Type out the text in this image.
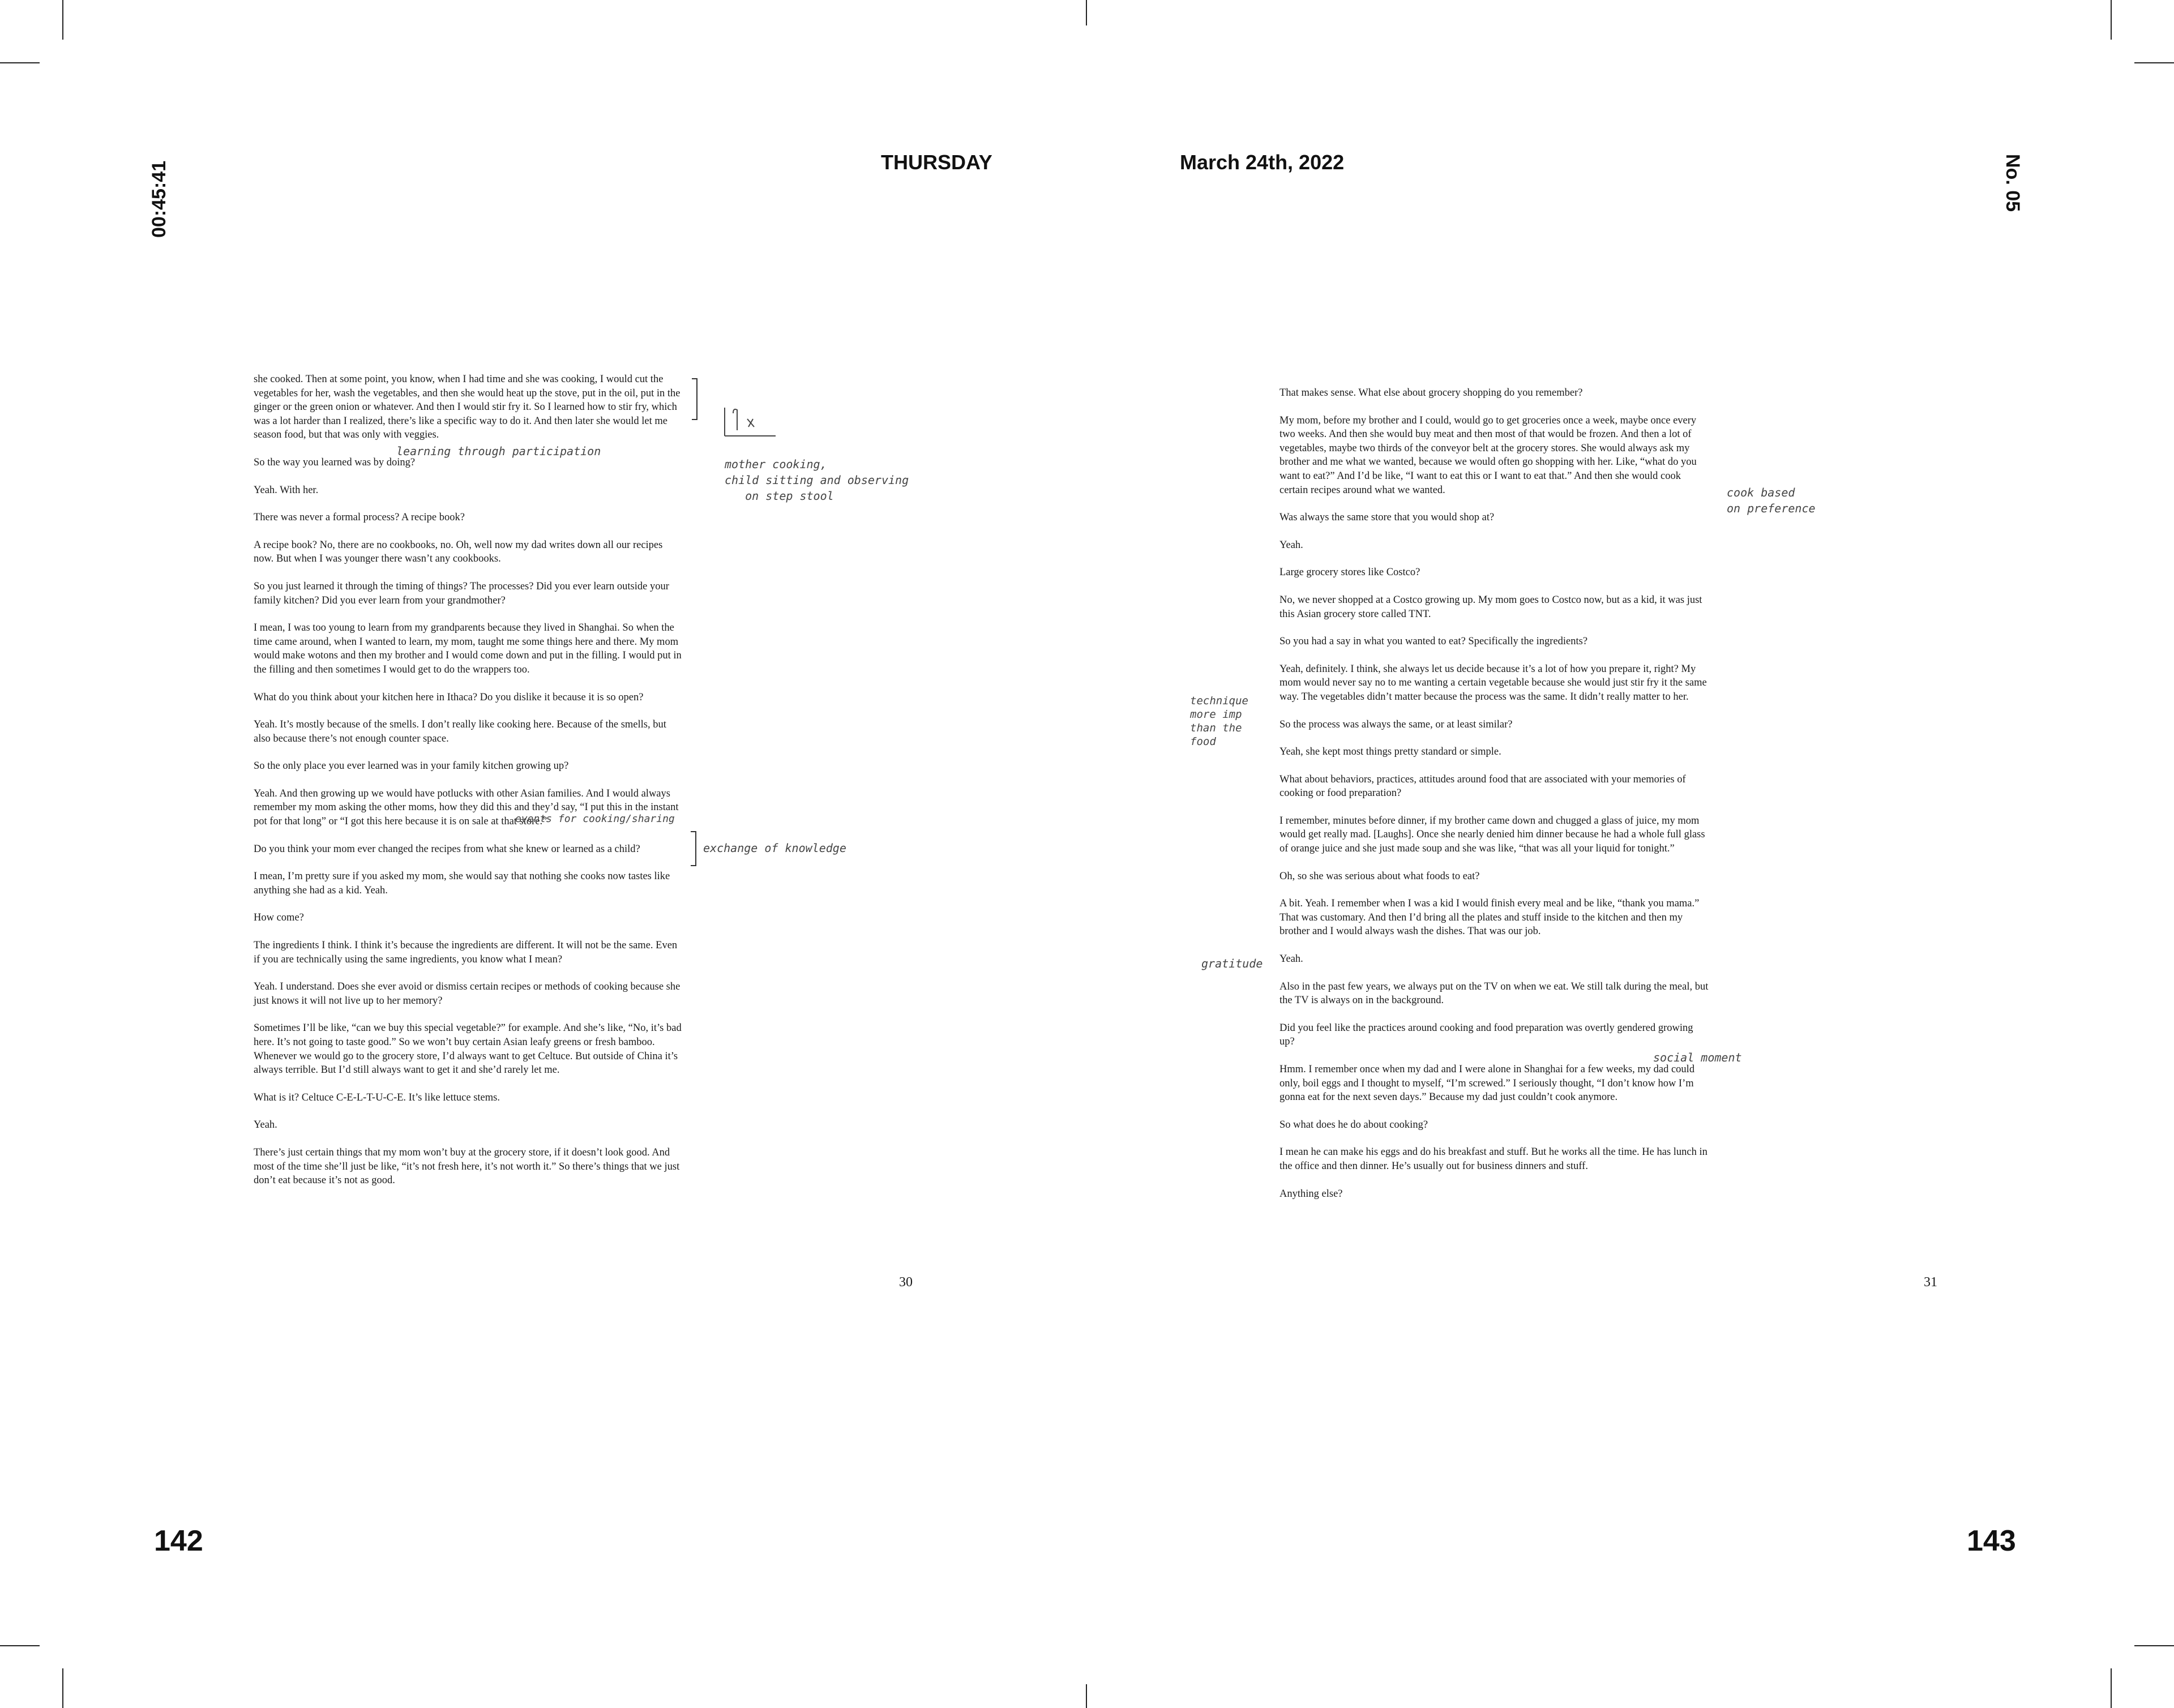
THURSDAY	March 24th, 2022
00:45:41	No. 05
142	143

she cooked. Then at some point, you know, when I had time and she was cooking, I would cut the vegetables for her, wash the vegetables, and then she would heat up the stove, put in the oil, put in the ginger or the green onion or whatever. And then I would stir fry it. So I learned how to stir fry, which was a lot harder than I realized, there’s like a specific way to do it. And then later she would let me season food, but that was only with veggies.

So the way you learned was by doing?

Yeah. With her.

There was never a formal process? A recipe book?

A recipe book? No, there are no cookbooks, no. Oh, well now my dad writes down all our recipes now. But when I was younger there wasn’t any cookbooks.

So you just learned it through the timing of things? The processes? Did you ever learn outside your family kitchen? Did you ever learn from your grandmother?

I mean, I was too young to learn from my grandparents because they lived in Shanghai. So when the time came around, when I wanted to learn, my mom, taught me some things here and there. My mom would make wotons and then my brother and I would come down and put in the filling. I would put in the filling and then sometimes I would get to do the wrappers too.

What do you think about your kitchen here in Ithaca? Do you dislike it because it is so open?

Yeah. It’s mostly because of the smells. I don’t really like cooking here. Because of the smells, but also because there’s not enough counter space.

So the only place you ever learned was in your family kitchen growing up?

Yeah. And then growing up we would have potlucks with other Asian families. And I would always remember my mom asking the other moms, how they did this and they’d say, “I put this in the instant pot for that long” or “I got this here because it is on sale at that store.”

Do you think your mom ever changed the recipes from what she knew or learned as a child?

I mean, I’m pretty sure if you asked my mom, she would say that nothing she cooks now tastes like anything she had as a kid. Yeah.

How come?

The ingredients I think. I think it’s because the ingredients are different. It will not be the same. Even if you are technically using the same ingredients, you know what I mean?

Yeah. I understand. Does she ever avoid or dismiss certain recipes or methods of cooking because she just knows it will not live up to her memory?

Sometimes I’ll be like, “can we buy this special vegetable?” for example. And she’s like, “No, it’s bad here. It’s not going to taste good.” So we won’t buy certain Asian leafy greens or fresh bamboo. Whenever we would go to the grocery store, I’d always want to get Celtuce. But outside of China it’s always terrible. But I’d still always want to get it and she’d rarely let me.

What is it? Celtuce C-E-L-T-U-C-E. It’s like lettuce stems.

Yeah.

There’s just certain things that my mom won’t buy at the grocery store, if it doesn’t look good. And most of the time she’ll just be like, “it’s not fresh here, it’s not worth it.” So there’s things that we just don’t eat because it’s not as good.

30
learning through participation
mother cooking,
child sitting and observing
on step stool
events for cooking/sharing
exchange of knowledge

That makes sense. What else about grocery shopping do you remember?

My mom, before my brother and I could, would go to get groceries once a week, maybe once every two weeks. And then she would buy meat and then most of that would be frozen. And then a lot of vegetables, maybe two thirds of the conveyor belt at the grocery stores. She would always ask my brother and me what we wanted, because we would often go shopping with her. Like, “what do you want to eat?” And I’d be like, “I want to eat this or I want to eat that.” And then she would cook certain recipes around what we wanted.

Was always the same store that you would shop at?

Yeah.

Large grocery stores like Costco?

No, we never shopped at a Costco growing up. My mom goes to Costco now, but as a kid, it was just this Asian grocery store called TNT.

So you had a say in what you wanted to eat? Specifically the ingredients?

Yeah, definitely. I think, she always let us decide because it’s a lot of how you prepare it, right? My mom would never say no to me wanting a certain vegetable because she would just stir fry it the same way. The vegetables didn’t matter because the process was the same. It didn’t really matter to her.

So the process was always the same, or at least similar?

Yeah, she kept most things pretty standard or simple.

What about behaviors, practices, attitudes around food that are associated with your memories of cooking or food preparation?

I remember, minutes before dinner, if my brother came down and chugged a glass of juice, my mom would get really mad. [Laughs]. Once she nearly denied him dinner because he had a whole full glass of orange juice and she just made soup and she was like, “that was all your liquid for tonight.”

Oh, so she was serious about what foods to eat?

A bit. Yeah. I remember when I was a kid I would finish every meal and be like, “thank you mama.” That was customary. And then I’d bring all the plates and stuff inside to the kitchen and then my brother and I would always wash the dishes. That was our job.

Yeah.

Also in the past few years, we always put on the TV on when we eat. We still talk during the meal, but the TV is always on in the background.

Did you feel like the practices around cooking and food preparation was overtly gendered growing up?

Hmm. I remember once when my dad and I were alone in Shanghai for a few weeks, my dad could only, boil eggs and I thought to myself, “I’m screwed.” I seriously thought, “I don’t know how I’m gonna eat for the next seven days.” Because my dad just couldn’t cook anymore.

So what does he do about cooking?

I mean he can make his eggs and do his breakfast and stuff. But he works all the time. He has lunch in the office and then dinner. He’s usually out for business dinners and stuff.

Anything else?

31
cook based
on preference
technique
more imp
than the
food
gratitude
social moment
